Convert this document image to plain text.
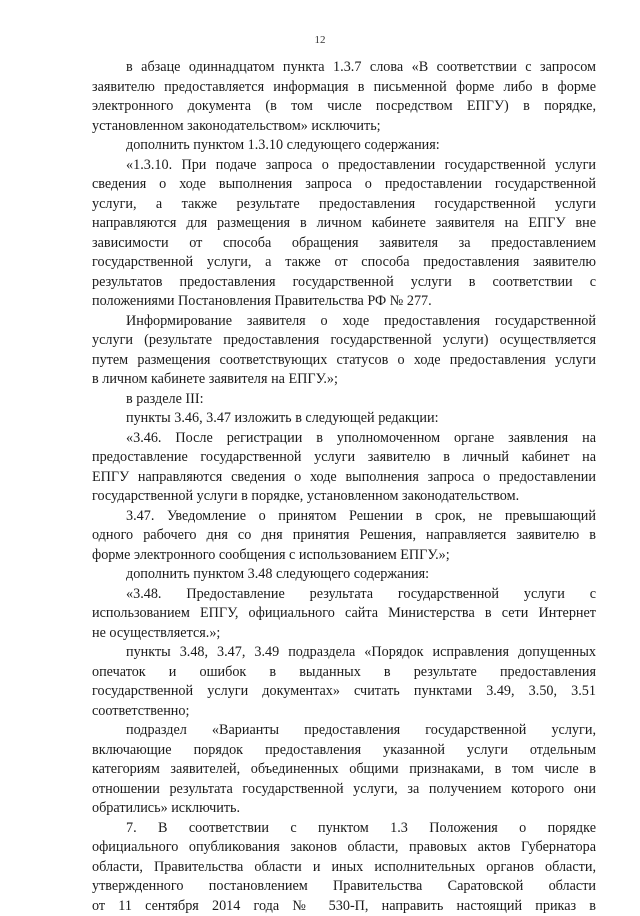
12
в абзаце одиннадцатом пункта 1.3.7 слова «В соответствии с запросом
заявителю предоставляется информация в письменной форме либо в форме
электронного документа (в том числе посредством ЕПГУ) в порядке,
установленном законодательством» исключить;
дополнить пунктом 1.3.10 следующего содержания:
«1.3.10. При подаче запроса о предоставлении государственной услуги
сведения о ходе выполнения запроса о предоставлении государственной
услуги, а также результате предоставления государственной услуги
направляются для размещения в личном кабинете заявителя на ЕПГУ вне
зависимости от способа обращения заявителя за предоставлением
государственной услуги, а также от способа предоставления заявителю
результатов предоставления государственной услуги в соответствии с
положениями Постановления Правительства РФ № 277.
Информирование заявителя о ходе предоставления государственной
услуги (результате предоставления государственной услуги) осуществляется
путем размещения соответствующих статусов о ходе предоставления услуги
в личном кабинете заявителя на ЕПГУ.»;
в разделе III:
пункты 3.46, 3.47 изложить в следующей редакции:
«3.46. После регистрации в уполномоченном органе заявления на
предоставление государственной услуги заявителю в личный кабинет на
ЕПГУ направляются сведения о ходе выполнения запроса о предоставлении
государственной услуги в порядке, установленном законодательством.
3.47. Уведомление о принятом Решении в срок, не превышающий
одного рабочего дня со дня принятия Решения, направляется заявителю в
форме электронного сообщения с использованием ЕПГУ.»;
дополнить пунктом 3.48 следующего содержания:
«3.48. Предоставление результата государственной услуги с
использованием ЕПГУ, официального сайта Министерства в сети Интернет
не осуществляется.»;
пункты 3.48, 3.47, 3.49 подраздела «Порядок исправления допущенных
опечаток и ошибок в выданных в результате предоставления
государственной услуги документах» считать пунктами 3.49, 3.50, 3.51
соответственно;
подраздел «Варианты предоставления государственной услуги,
включающие порядок предоставления указанной услуги отдельным
категориям заявителей, объединенных общими признаками, в том числе в
отношении результата государственной услуги, за получением которого они
обратились» исключить.
7. В соответствии с пунктом 1.3 Положения о порядке
официального опубликования законов области, правовых актов Губернатора
области, Правительства области и иных исполнительных органов области,
утвержденного постановлением Правительства Саратовской области
от 11 сентября 2014 года № 530-П, направить настоящий приказ в
